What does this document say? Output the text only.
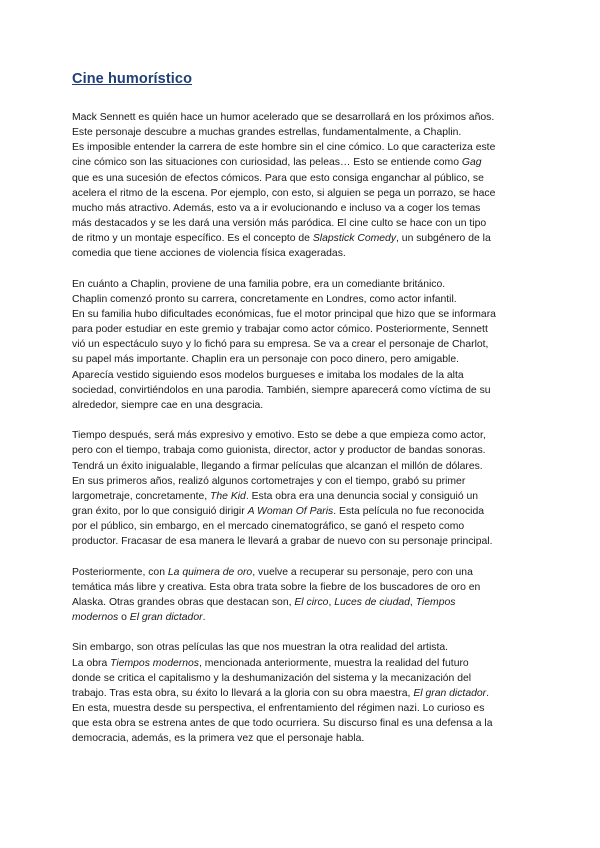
Cine humorístico

Mack Sennett es quién hace un humor acelerado que se desarrollará en los próximos años.
Este personaje descubre a muchas grandes estrellas, fundamentalmente, a Chaplin.
Es imposible entender la carrera de este hombre sin el cine cómico. Lo que caracteriza este
cine cómico son las situaciones con curiosidad, las peleas… Esto se entiende como Gag
que es una sucesión de efectos cómicos. Para que esto consiga enganchar al público, se
acelera el ritmo de la escena. Por ejemplo, con esto, si alguien se pega un porrazo, se hace
mucho más atractivo. Además, esto va a ir evolucionando e incluso va a coger los temas
más destacados y se les dará una versión más paródica. El cine culto se hace con un tipo
de ritmo y un montaje específico. Es el concepto de Slapstick Comedy, un subgénero de la
comedia que tiene acciones de violencia física exageradas.

En cuánto a Chaplin, proviene de una familia pobre, era un comediante británico.
Chaplin comenzó pronto su carrera, concretamente en Londres, como actor infantil.
En su familia hubo dificultades económicas, fue el motor principal que hizo que se informara
para poder estudiar en este gremio y trabajar como actor cómico. Posteriormente, Sennett
vió un espectáculo suyo y lo fichó para su empresa. Se va a crear el personaje de Charlot,
su papel más importante. Chaplin era un personaje con poco dinero, pero amigable.
Aparecía vestido siguiendo esos modelos burgueses e imitaba los modales de la alta
sociedad, convirtiéndolos en una parodia. También, siempre aparecerá como víctima de su
alrededor, siempre cae en una desgracia.

Tiempo después, será más expresivo y emotivo. Esto se debe a que empieza como actor,
pero con el tiempo, trabaja como guionista, director, actor y productor de bandas sonoras.
Tendrá un éxito inigualable, llegando a firmar películas que alcanzan el millón de dólares.
En sus primeros años, realizó algunos cortometrajes y con el tiempo, grabó su primer
largometraje, concretamente, The Kid. Esta obra era una denuncia social y consiguió un
gran éxito, por lo que consiguió dirigir A Woman Of Paris. Esta película no fue reconocida
por el público, sin embargo, en el mercado cinematográfico, se ganó el respeto como
productor. Fracasar de esa manera le llevará a grabar de nuevo con su personaje principal.

Posteriormente, con La quimera de oro, vuelve a recuperar su personaje, pero con una
temática más libre y creativa. Esta obra trata sobre la fiebre de los buscadores de oro en
Alaska. Otras grandes obras que destacan son, El circo, Luces de ciudad, Tiempos
modernos o El gran dictador.

Sin embargo, son otras películas las que nos muestran la otra realidad del artista.
La obra Tiempos modernos, mencionada anteriormente, muestra la realidad del futuro
donde se critica el capitalismo y la deshumanización del sistema y la mecanización del
trabajo. Tras esta obra, su éxito lo llevará a la gloria con su obra maestra, El gran dictador.
En esta, muestra desde su perspectiva, el enfrentamiento del régimen nazi. Lo curioso es
que esta obra se estrena antes de que todo ocurriera. Su discurso final es una defensa a la
democracia, además, es la primera vez que el personaje habla.
